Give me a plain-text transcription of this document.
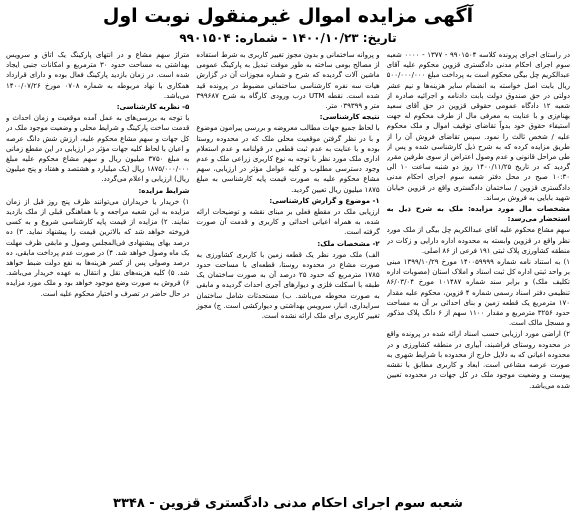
آگهی مزایده اموال غیرمنقول نوبت اول
تاریخ: ۱۴۰۰/۱۰/۲۳ - شماره: ۹۹۰۱۵۰۴

در راستای اجرای پرونده کلاسه ۹۹۰۱۵۰۴ - ۱۳۷۷ - ۰۰۰۰ شعبه سوم اجرای احکام مدنی دادگستری قزوین محکوم علیه آقای عبدالکریم چل بیگی محکوم است به پرداخت مبلغ ۵۰۰/۰۰۰/۰۰۰ ریال بابت اصل خواسته به انضمام سایر هزینه‌ها و نیم عشر دولتی در حق صندوق دولت بابت دادنامه و اجرائیه صادره از شعبه ۱۲ دادگاه عمومی حقوقی قزوین در حق آقای سعید بهنام‌زی و با عنایت به معرفی مال از طرف محکوم له جهت استیفاء حقوق خود بدواً تقاضای توقیف اموال و ملک محکوم علیه / شخص ثالث را نمود. سپس تقاضای فروش آن را از طریق مزایده کرده که به شرح ذیل کارشناسی شده و پس از طی مراحل قانونی و عدم وصول اعتراض از سوی طرفین مقرر گردید که در تاریخ ۱۴۰۰/۱۱/۲۵ روز دو شنبه ساعت ۱۰ الی ۱۰:۳۰ صبح در محل دفتر شعبه سوم اجرای احکام مدنی دادگستری قزوین / ساختمان دادگستری واقع در قزوین خیابان شهید بابایی به فروش برساند.

مشخصات مال مورد مزایده: ملک به شرح ذیل به استحضار می‌رسد:

سهم مشاع محکوم علیه آقای عبدالکریم چل بیگی از ملک مورد نظر واقع در قزوین وابسته به محدوده اداره دارایی و زکات در منطقه کشاورزی پلاک ثبتی ۱۹۱ فرعی از ۸۶ اصلی.

۱) به استناد نامه شماره ۱۴۰۰۵۹۹۹۹ مورخ ۱۳۹۹/۱۰/۲۹ مبنی بر واحد ثبتی اداره کل ثبت اسناد و املاک استان (مصوبات اداره تکلیف ملک) و برابر سند شماره ۱۰۱۴۸۷ مورخ ۸۶/۰۳/۰۴ تنظیمی دفتر اسناد رسمی شماره ۴ قزوین، محکوم علیه مقدار ۱۷۰ مترمربع یک قطعه زمین و بنای احداثی بر آن به مساحت حدود ۳۲۵۶ مترمربع و مقدار ۱۱۰۰ سهم از ۶ دانگ پلاک مذکور و مسجل مالک است.

۲) اراضی مورد ارزیابی حسب اسناد ارائه شده در پرونده واقع در محدوده روستای فراشبند، آبیاری در منطقه کشاورزی و در محدوده اعیانی که به دلایل خارج از محدوده با شرایط شهری به صورت عرصه مشاعی است. ابعاد و کاربری مطابق با نقشه پیوست و وضعیت موجود ملک در کل جهات در محدوده تعیین شده می‌باشد.

و پروانه ساختمانی و بدون مجوز تغییر کاربری به شرط استفاده از مصالح بومی ساخته به طور موقت تبدیل به پارکینگ عمومی ماشین آلات گردیده که شرح و شماره مجوزات آن در گزارش هیات سه نفره کارشناسی ساختمانی مضبوط در پرونده قید شده است. نقطه UTM درب ورودی کارگاه به شرح ۳۹۹۶۸۷ متر و ۰۳۹۳۹۹ متر.

نتیجه کارشناسی:

با لحاظ جمیع جهات مطالب معروضه و بررسی پیرامون موضوع و با در نظر گرفتن موقعیت محلی ملک که در محدوده روستا بوده و با عنایت به عدم ثبت قطعی در قولنامه و عدم استعلام اداری ملک مورد نظر با توجه به نوع کاربری زراعی ملک و عدم وجود دسترسی مطلوب و کلیه عوامل مؤثر در ارزیابی، سهم مشاع محکوم علیه به صورت قیمت پایه کارشناسی به مبلغ ۱۸۷۵ میلیون ریال تعیین گردید.

۱- موضوع و گزارش کارشناسی:

ارزیابی ملک در مقطع فعلی بر مبنای نقشه و توضیحات ارائه شده، به همراه اعیانی احداثی و کاربری و قدمت آن صورت گرفته است.

۲- مشخصات ملک:

الف) ملک مورد نظر یک قطعه زمین با کاربری کشاورزی به صورت مشاع در محدوده روستا، قطعه‌ای با مساحت حدود ۱۷۸۵ مترمربع که حدود ۲۵ درصد آن به صورت ساختمان یک طبقه با اسکلت فلزی و دیوارهای آجری احداث گردیده و مابقی به صورت محوطه می‌باشد. ب) مستحدثات شامل ساختمان سرایداری، انبار، سرویس بهداشتی و دیوارکشی است. ج) مجوز تغییر کاربری برای ملک ارائه نشده است.

متراژ سهم مشاع و در انتهای پارکینگ یک اتاق و سرویس بهداشتی به مساحت حدود ۳۰ مترمربع و امکانات جنبی ایجاد شده است. در زمان بازدید پارکینگ فعال بوده و دارای قرارداد همکاری با نهاد مربوطه به شماره ۰۷۰۸ مورخ ۱۴۰۰/۰۷/۲۶ می‌باشد.

۵- نظریه کارشناسی:

با توجه به بررسی‌های به عمل آمده موقعیت و زمان احداث و قدمت ساخت پارکینگ و شرایط محلی و وضعیت موجود ملک در کل جهات و سهم مشاع محکوم علیه، ارزش شش دانگ عرصه و اعیان با لحاظ کلیه جهات مؤثر در ارزیابی در این مقطع زمانی به مبلغ ۳۷۵۰ میلیون ریال و سهم مشاع محکوم علیه مبلغ ۱۸۷۵/۰۰۰/۰۰۰ ریال (یک میلیارد و هشتصد و هفتاد و پنج میلیون ریال) ارزیابی و اعلام می‌گردد.

شرایط مزایده:

۱) خریدار یا خریداران می‌توانند ظرف پنج روز قبل از زمان مزایده به این شعبه مراجعه و با هماهنگی قبلی از ملک بازدید نمایند. ۲) مزایده از قیمت پایه کارشناسی شروع و به کسی فروخته خواهد شد که بالاترین قیمت را پیشنهاد نماید. ۳) ده درصد بهای پیشنهادی فی‌المجلس وصول و مابقی ظرف مهلت یک ماه وصول خواهد شد. ۴) در صورت عدم پرداخت مابقی، ده درصد وصولی پس از کسر هزینه‌ها به نفع دولت ضبط خواهد شد. ۵) کلیه هزینه‌های نقل و انتقال به عهده خریدار می‌باشد. ۶) فروش به صورت وضع موجود خواهد بود و ملک مورد مزایده در حال حاضر در تصرف و اختیار محکوم علیه است.

شعبه سوم اجرای احکام مدنی دادگستری قزوین - ۳۳۴۸
